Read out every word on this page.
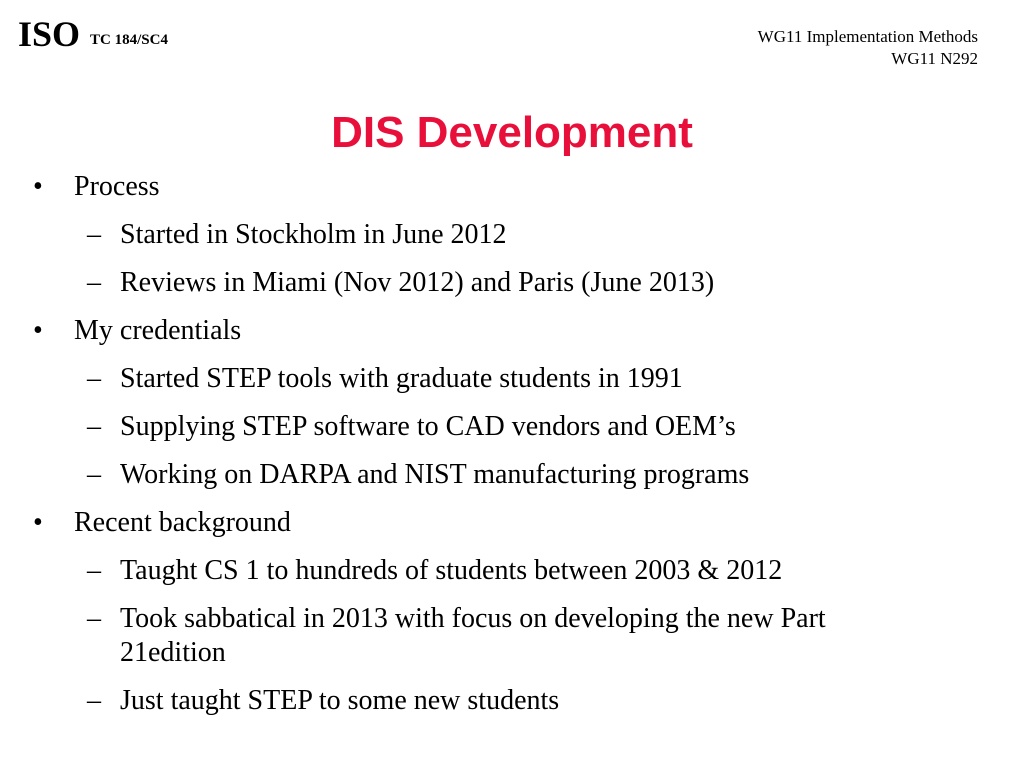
ISO TC 184/SC4	WG11 Implementation Methods
WG11 N292
DIS Development
• Process
– Started in Stockholm in June 2012
– Reviews in Miami (Nov 2012) and Paris (June 2013)
• My credentials
– Started STEP tools with graduate students in 1991
– Supplying STEP software to CAD vendors and OEM’s
– Working on DARPA and NIST manufacturing programs
• Recent background
– Taught CS 1 to hundreds of students between 2003 & 2012
– Took sabbatical in 2013 with focus on developing the new Part 21edition
– Just taught STEP to some new students
